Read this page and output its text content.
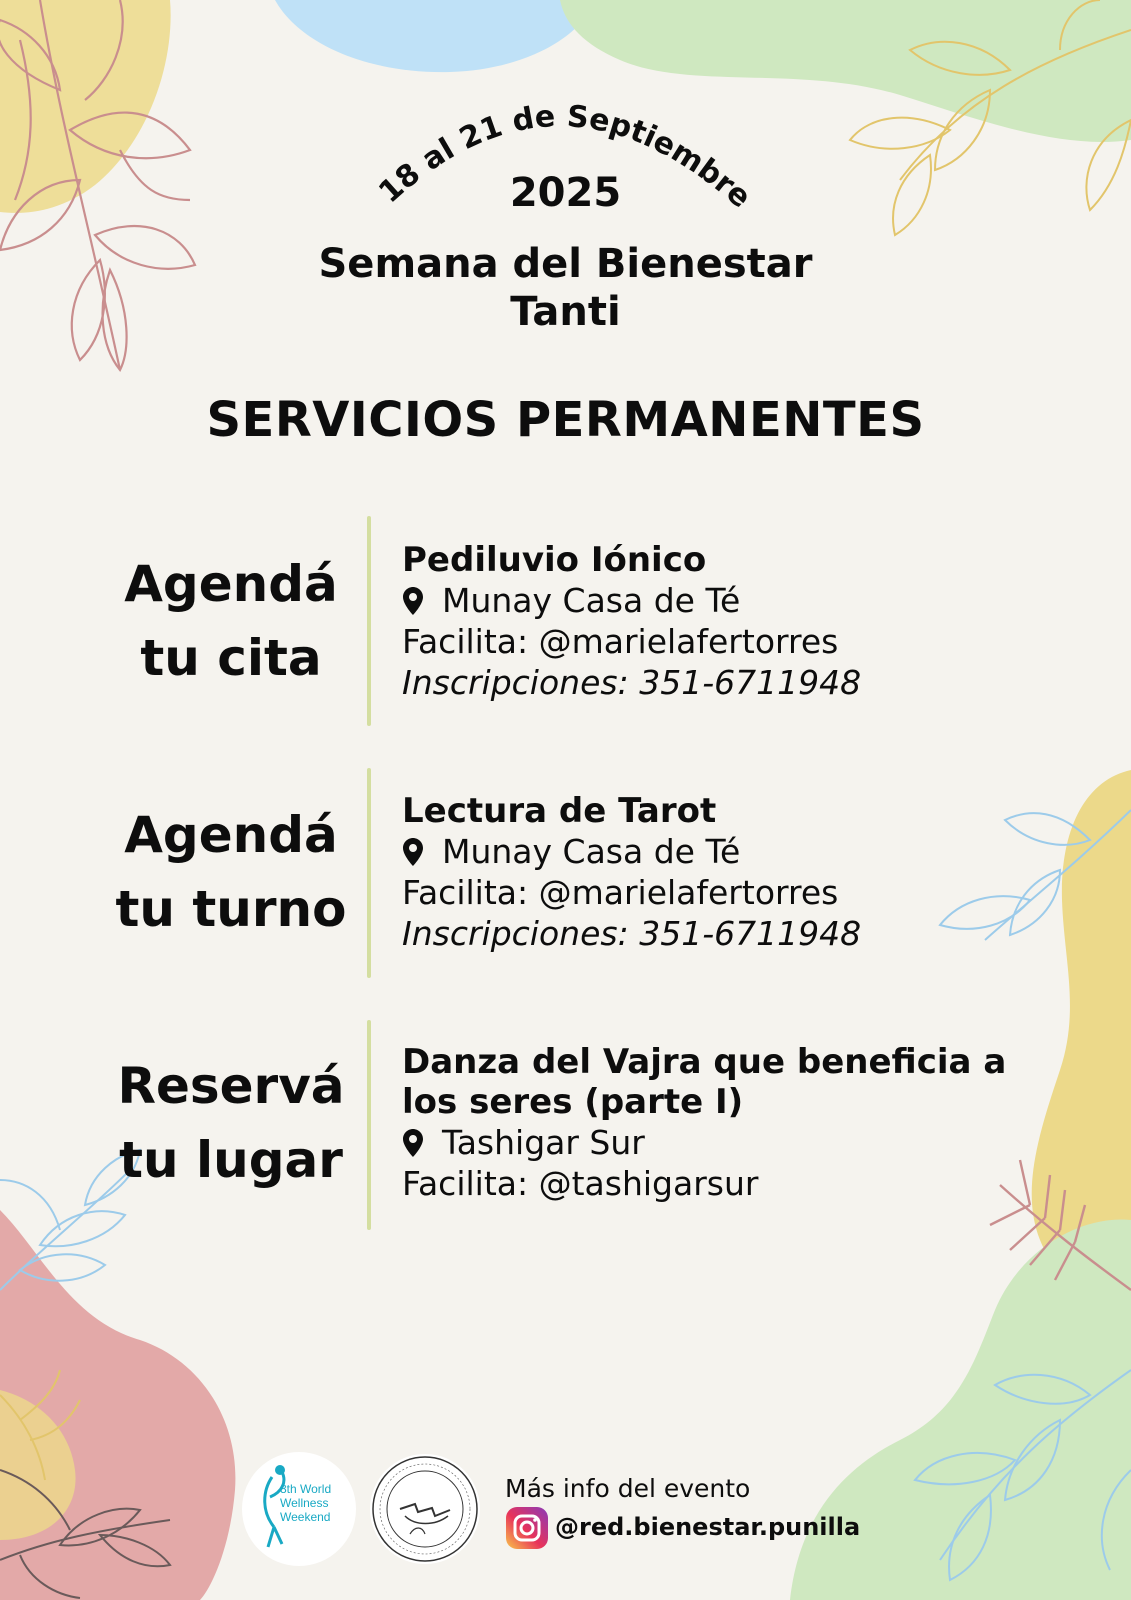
18 al 21 de Septiembre
2025
Semana del Bienestar
Tanti
SERVICIOS PERMANENTES
Agendá
tu cita
Pediluvio Iónico
Munay Casa de Té
Facilita: @marielafertorres
Inscripciones: 351-6711948
Agendá
tu turno
Lectura de Tarot
Munay Casa de Té
Facilita: @marielafertorres
Inscripciones: 351-6711948
Reservá
tu lugar
Danza del Vajra que beneficia a
los seres (parte I)
Tashigar Sur
Facilita: @tashigarsur
8th World
Wellness
Weekend
Más info del evento
@red.bienestar.punilla
